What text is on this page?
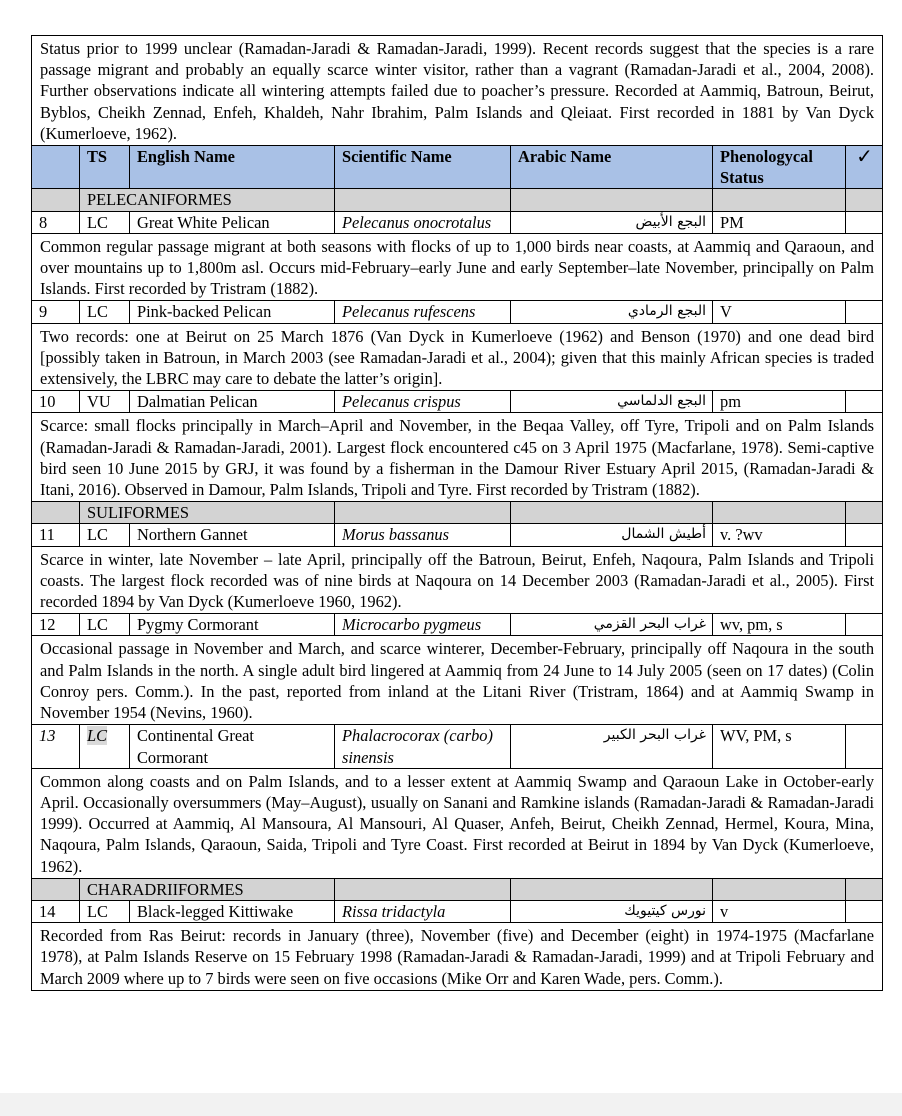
Status prior to 1999 unclear (Ramadan-Jaradi & Ramadan-Jaradi, 1999). Recent records suggest that the species is a rare passage migrant and probably an equally scarce winter visitor, rather than a vagrant (Ramadan-Jaradi et al., 2004, 2008). Further observations indicate all wintering attempts failed due to poacher’s pressure. Recorded at Aammiq, Batroun, Beirut, Byblos, Cheikh Zennad, Enfeh, Khaldeh, Nahr Ibrahim, Palm Islands and Qleiaat. First recorded in 1881 by Van Dyck (Kumerloeve, 1962).						
	TS	English Name	Scientific Name	Arabic Name	Phenologycal Status	✓

	PELECANIFORMES					
8	LC	Great White Pelican	Pelecanus onocrotalus	البجع الأبيض	PM	
Common regular passage migrant at both seasons with flocks of up to 1,000 birds near coasts, at Aammiq and Qaraoun, and over mountains up to 1,800m asl. Occurs mid-February–early June and early September–late November, principally on Palm Islands. First recorded by Tristram (1882).						
9	LC	Pink-backed Pelican	Pelecanus rufescens	البجع الرمادي	V	
Two records: one at Beirut on 25 March 1876 (Van Dyck in Kumerloeve (1962) and Benson (1970) and one dead bird [possibly taken in Batroun, in March 2003 (see Ramadan-Jaradi et al., 2004); given that this mainly African species is traded extensively, the LBRC may care to debate the latter’s origin].						
10	VU	Dalmatian Pelican	Pelecanus crispus	البجع الدلماسي	pm	
Scarce: small flocks principally in March–April and November, in the Beqaa Valley, off Tyre, Tripoli and on Palm Islands (Ramadan-Jaradi & Ramadan-Jaradi, 2001). Largest flock encountered c45 on 3 April 1975 (Macfarlane, 1978). Semi-captive bird seen 10 June 2015 by GRJ, it was found by a fisherman in the Damour River Estuary April 2015, (Ramadan-Jaradi & Itani, 2016). Observed in Damour, Palm Islands, Tripoli and Tyre. First recorded by Tristram (1882).						
	SULIFORMES					
11	LC	Northern Gannet	Morus bassanus	أطيش الشمال	v. ?wv	
Scarce in winter, late November – late April, principally off the Batroun, Beirut, Enfeh, Naqoura, Palm Islands and Tripoli coasts. The largest flock recorded was of nine birds at Naqoura on 14 December 2003 (Ramadan-Jaradi et al., 2005). First recorded 1894 by Van Dyck (Kumerloeve 1960, 1962).						
12	LC	Pygmy Cormorant	Microcarbo pygmeus	غراب البحر القزمي	wv, pm, s	
Occasional passage in November and March, and scarce winterer, December-February, principally off Naqoura in the south and Palm Islands in the north. A single adult bird lingered at Aammiq from 24 June to 14 July 2005 (seen on 17 dates) (Colin Conroy pers. Comm.). In the past, reported from inland at the Litani River (Tristram, 1864) and at Aammiq Swamp in November 1954 (Nevins, 1960).						
13	LC	Continental Great Cormorant	Phalacrocorax (carbo) sinensis	غراب البحر الكبير	WV, PM, s	
Common along coasts and on Palm Islands, and to a lesser extent at Aammiq Swamp and Qaraoun Lake in October-early April. Occasionally oversummers (May–August), usually on Sanani and Ramkine islands (Ramadan-Jaradi & Ramadan-Jaradi 1999). Occurred at Aammiq, Al Mansoura, Al Mansouri, Al Quaser, Anfeh, Beirut, Cheikh Zennad, Hermel, Koura, Mina, Naqoura, Palm Islands, Qaraoun, Saida, Tripoli and Tyre Coast. First recorded at Beirut in 1894 by Van Dyck (Kumerloeve, 1962).						
	CHARADRIIFORMES					
14	LC	Black-legged Kittiwake	Rissa tridactyla	نورس كيتيويك	v	
Recorded from Ras Beirut: records in January (three), November (five) and December (eight) in 1974-1975 (Macfarlane 1978), at Palm Islands Reserve on 15 February 1998 (Ramadan-Jaradi & Ramadan-Jaradi, 1999) and at Tripoli February and March 2009 where up to 7 birds were seen on five occasions (Mike Orr and Karen Wade, pers. Comm.).						
